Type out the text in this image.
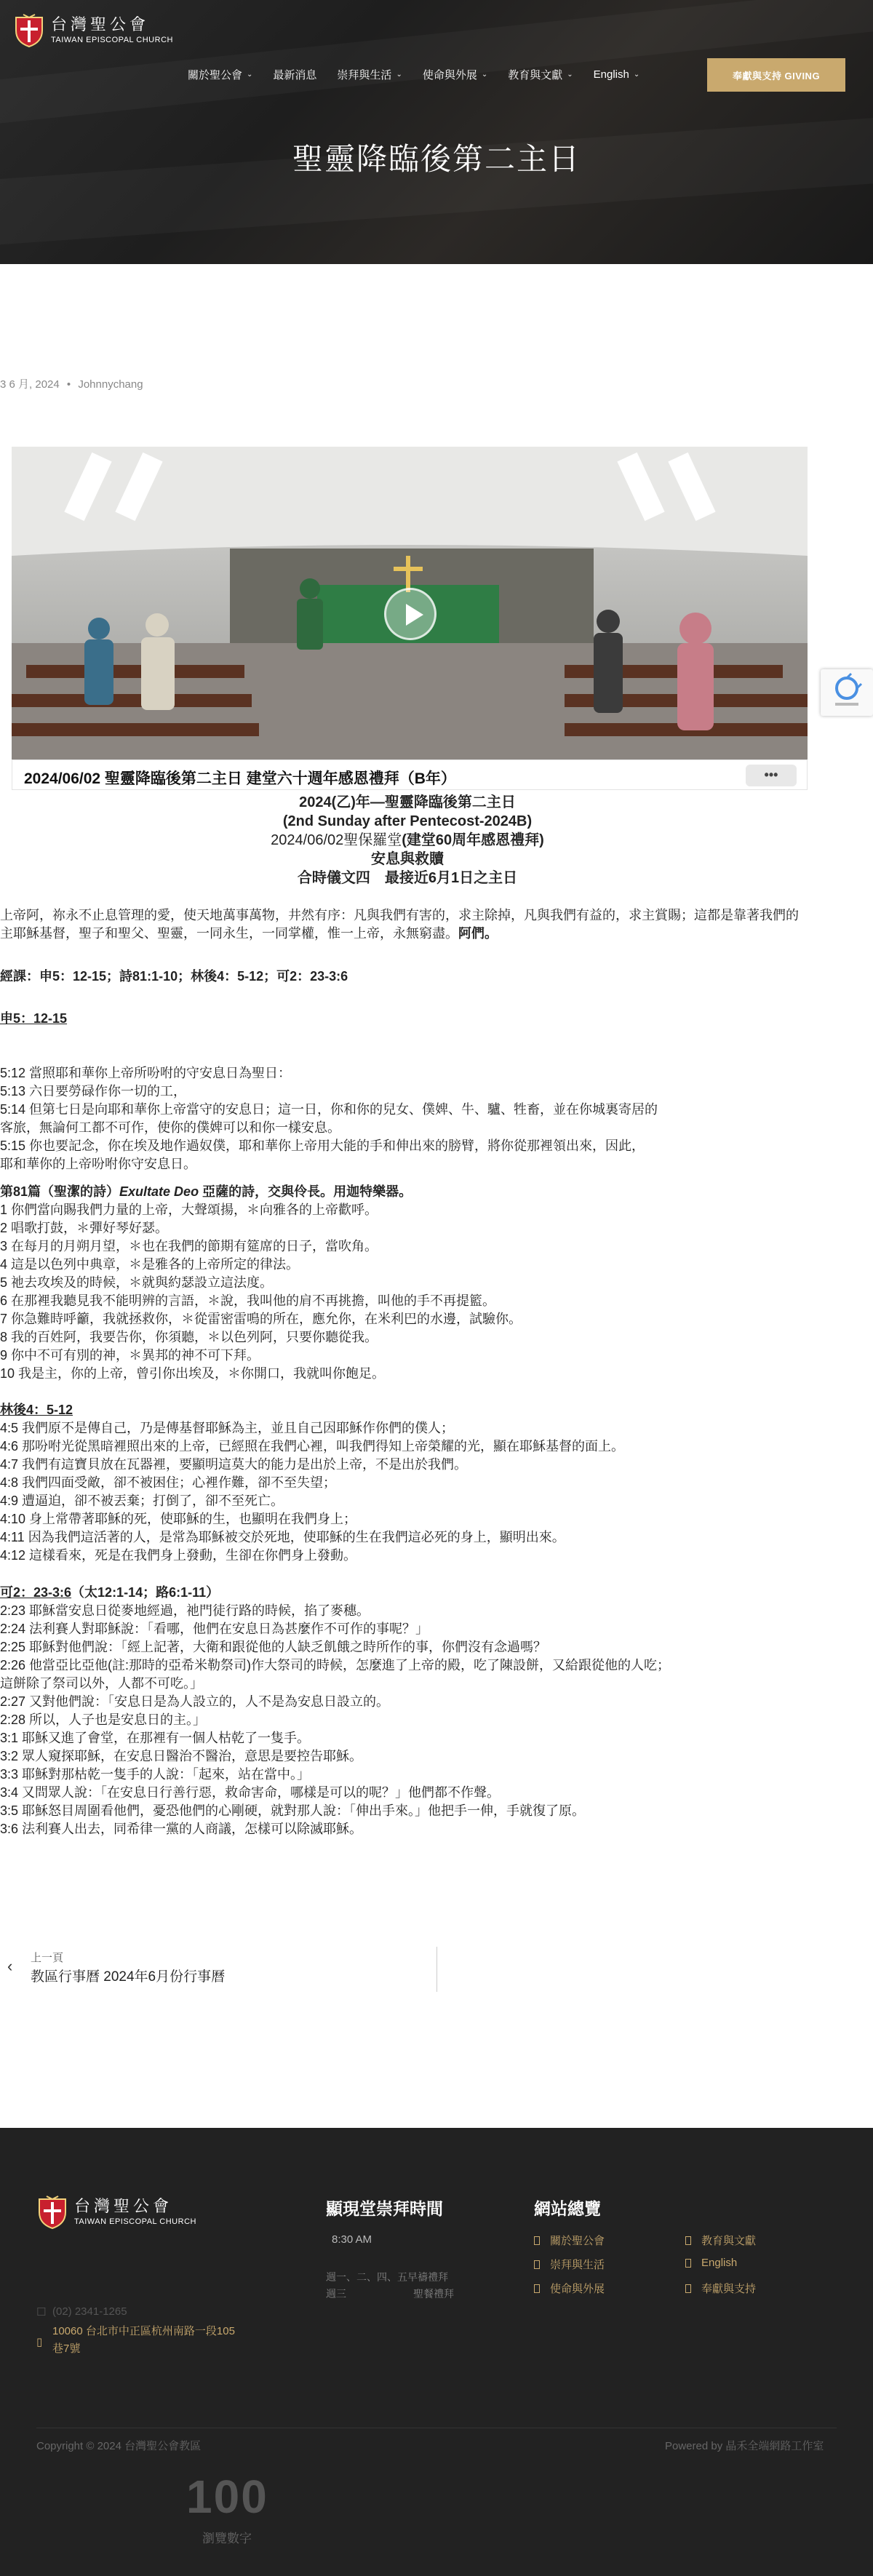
台灣聖公會
TAIWAN EPISCOPAL CHURCH
關於聖公會 ⌄ 最新消息 崇拜與生活 ⌄ 使命與外展 ⌄ 教育與文獻 ⌄ English ⌄	奉獻與支持 GIVING
聖靈降臨後第二主日
3 6 月, 2024 • Johnnychang
2024/06/02 聖靈降臨後第二主日 建堂六十週年感恩禮拜（B年）	•••
2024(乙)年—聖靈降臨後第二主日
(2nd Sunday after Pentecost-2024B)
2024/06/02聖保羅堂(建堂60周年感恩禮拜)
安息與救贖
合時儀文四　最接近6月1日之主日
上帝阿，祢永不止息管理的愛，使天地萬事萬物，井然有序：凡與我們有害的，求主除掉，凡與我們有益的，求主賞賜；這都是靠著我們的主耶穌基督，聖子和聖父、聖靈，一同永生，一同掌權，惟一上帝，永無窮盡。阿們。
經課：申5：12-15；詩81:1-10；林後4：5-12；可2：23-3:6
申5：12-15
5:12 當照耶和華你上帝所吩咐的守安息日為聖日：
5:13 六日要勞碌作你一切的工，
5:14 但第七日是向耶和華你上帝當守的安息日；這一日，你和你的兒女、僕婢、牛、驢、牲畜，並在你城裏寄居的
客旅，無論何工都不可作，使你的僕婢可以和你一樣安息。
5:15 你也要記念，你在埃及地作過奴僕，耶和華你上帝用大能的手和伸出來的膀臂，將你從那裡領出來，因此，
耶和華你的上帝吩咐你守安息日。
第81篇（聖潔的詩）Exultate Deo 亞薩的詩，交與伶長。用迦特樂器。
1 你們當向賜我們力量的上帝，大聲頌揚，＊向雅各的上帝歡呼。
2 唱歌打鼓，＊彈好琴好瑟。
3 在每月的月朔月望，＊也在我們的節期有筵席的日子，當吹角。
4 這是以色列中典章，＊是雅各的上帝所定的律法。
5 祂去攻埃及的時候，＊就與約瑟設立這法度。
6 在那裡我聽見我不能明辨的言語，＊說，我叫他的肩不再挑擔，叫他的手不再提籃。
7 你急難時呼籲，我就拯救你，＊從雷密雷鳴的所在，應允你，在米利巴的水邊，試驗你。
8 我的百姓阿，我要告你，你須聽，＊以色列阿，只要你聽從我。
9 你中不可有別的神，＊異邦的神不可下拜。
10 我是主，你的上帝，曾引你出埃及，＊你開口，我就叫你飽足。
林後4：5-12
4:5 我們原不是傳自己，乃是傳基督耶穌為主，並且自己因耶穌作你們的僕人；
4:6 那吩咐光從黑暗裡照出來的上帝，已經照在我們心裡，叫我們得知上帝榮耀的光，顯在耶穌基督的面上。
4:7 我們有這寶貝放在瓦器裡，要顯明這莫大的能力是出於上帝，不是出於我們。
4:8 我們四面受敵，卻不被困住；心裡作難，卻不至失望；
4:9 遭逼迫，卻不被丟棄；打倒了，卻不至死亡。
4:10 身上常帶著耶穌的死，使耶穌的生，也顯明在我們身上；
4:11 因為我們這活著的人，是常為耶穌被交於死地，使耶穌的生在我們這必死的身上，顯明出來。
4:12 這樣看來，死是在我們身上發動，生卻在你們身上發動。
可2：23-3:6（太12:1-14；路6:1-11）
2:23 耶穌當安息日從麥地經過，祂門徒行路的時候，掐了麥穗。
2:24 法利賽人對耶穌說：「看哪，他們在安息日為甚麼作不可作的事呢？」
2:25 耶穌對他們說：「經上記著，大衛和跟從他的人缺乏飢餓之時所作的事，你們沒有念過嗎？
2:26 他當亞比亞他(註:那時的亞希米勒祭司)作大祭司的時候，怎麼進了上帝的殿，吃了陳設餅，又給跟從他的人吃；
這餅除了祭司以外，人都不可吃。」
2:27 又對他們說：「安息日是為人設立的，人不是為安息日設立的。
2:28 所以，人子也是安息日的主。」
3:1 耶穌又進了會堂，在那裡有一個人枯乾了一隻手。
3:2 眾人窺探耶穌，在安息日醫治不醫治，意思是要控告耶穌。
3:3 耶穌對那枯乾一隻手的人說：「起來，站在當中。」
3:4 又問眾人說：「在安息日行善行惡，救命害命，哪樣是可以的呢？」他們都不作聲。
3:5 耶穌怒目周圍看他們，憂恐他們的心剛硬，就對那人說：「伸出手來。」他把手一伸，手就復了原。
3:6 法利賽人出去，同希律一黨的人商議，怎樣可以除滅耶穌。
‹ 上一頁
教區行事曆 2024年6月份行事曆
台灣聖公會
TAIWAN EPISCOPAL CHURCH
☐ (02) 2341-1265
▯
10060 台北市中正區杭州南路一段105
巷7號
顯現堂崇拜時間
8:30 AM
週一、二、四、五早禱禮拜
週三	聖餐禮拜
網站總覽
關於聖公會
崇拜與生活
使命與外展
教育與文獻
English
奉獻與支持
Copyright © 2024 台灣聖公會教區	Powered by 晶禾全端網路工作室
100
瀏覽數字
